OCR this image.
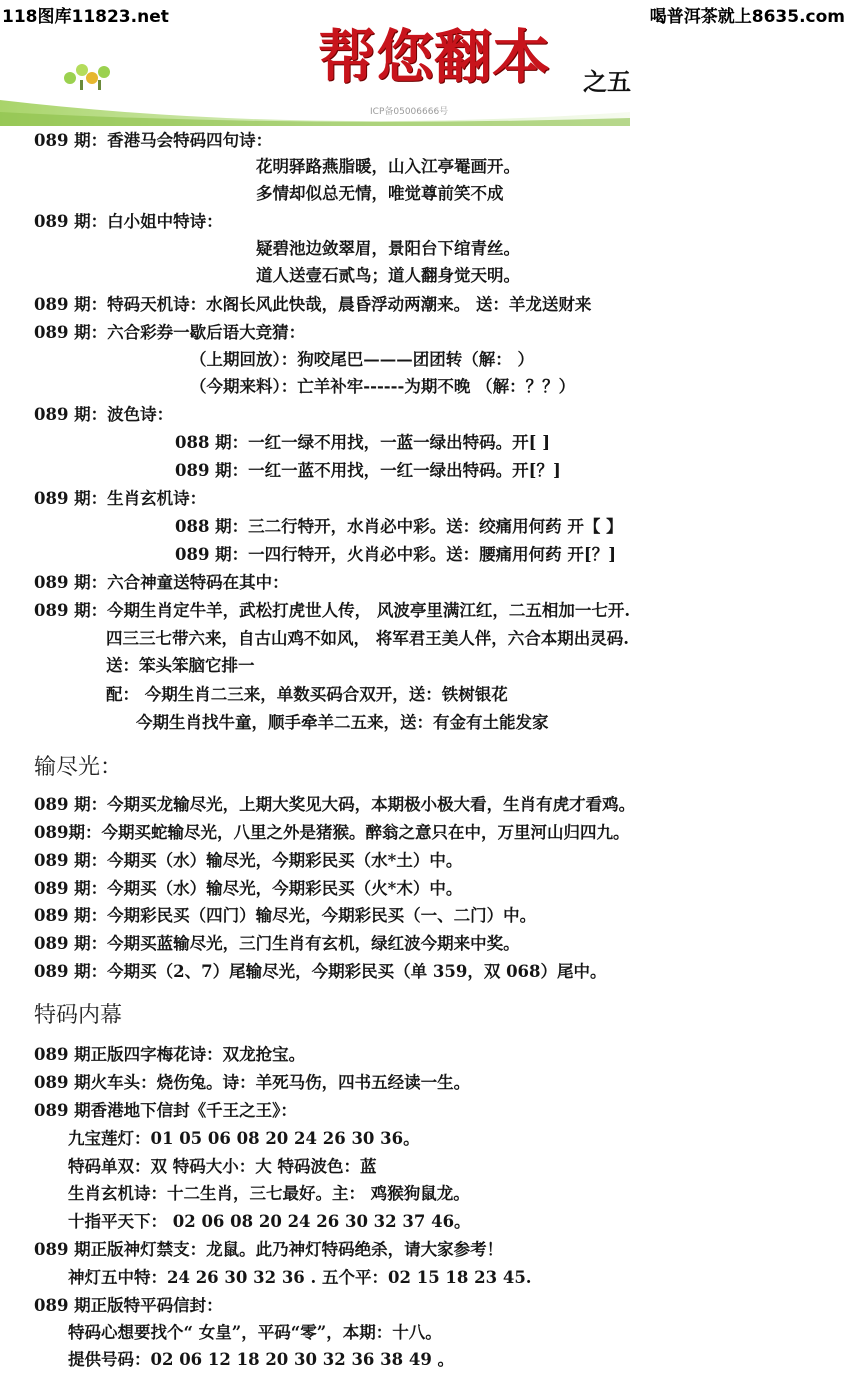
118图库11823.net	喝普洱茶就上8635.com
ICP备05006666号
帮您翻本 之五
089 期：香港马会特码四句诗：
花明驿路燕脂暖，山入江亭罨画开。
多情却似总无情，唯觉尊前笑不成
089 期：白小姐中特诗：
疑碧池边敛翠眉，景阳台下绾青丝。
道人送壹石贰鸟；道人翻身觉天明。
089 期：特码天机诗：水阁长风此快哉，晨昏浮动两潮来。 送：羊龙送财来
089 期：六合彩券一歇后语大竞猜：
（上期回放）：狗咬尾巴———团团转（解： ）
（今期来料）：亡羊补牢------为期不晚 （解：？？）
089 期：波色诗：
088 期：一红一绿不用找，一蓝一绿出特码。开[ ]
089 期：一红一蓝不用找，一红一绿出特码。开[？]
089 期：生肖玄机诗：
088 期：三二行特开，水肖必中彩。送：绞痛用何药 开【 】
089 期：一四行特开，火肖必中彩。送：腰痛用何药 开[？]
089 期：六合神童送特码在其中：
089 期：今期生肖定牛羊，武松打虎世人传， 风波亭里满江红，二五相加一七开.
四三三七带六来，自古山鸡不如风， 将军君王美人伴，六合本期出灵码.
送：笨头笨脑它排一
配： 今期生肖二三来，单数买码合双开，送：铁树银花
今期生肖找牛童，顺手牵羊二五来，送：有金有土能发家
输尽光：
089 期：今期买龙输尽光，上期大奖见大码，本期极小极大看，生肖有虎才看鸡。
089期：今期买蛇输尽光，八里之外是猪猴。醉翁之意只在中，万里河山归四九。
089 期：今期买（水）输尽光，今期彩民买（水*土）中。
089 期：今期买（水）输尽光，今期彩民买（火*木）中。
089 期：今期彩民买（四门）输尽光，今期彩民买（一、二门）中。
089 期：今期买蓝输尽光，三门生肖有玄机，绿红波今期来中奖。
089 期：今期买（2、7）尾输尽光，今期彩民买（单 359，双 068）尾中。
特码内幕
089 期正版四字梅花诗：双龙抢宝。
089 期火车头：烧伤兔。诗：羊死马伤，四书五经读一生。
089 期香港地下信封《千王之王》：
九宝莲灯：01 05 06 08 20 24 26 30 36。
特码单双：双 特码大小：大 特码波色：蓝
生肖玄机诗：十二生肖，三七最好。主： 鸡猴狗鼠龙。
十指平天下： 02 06 08 20 24 26 30 32 37 46。
089 期正版神灯禁支：龙鼠。此乃神灯特码绝杀，请大家参考！
神灯五中特：24 26 30 32 36 . 五个平：02 15 18 23 45.
089 期正版特平码信封：
特码心想要找个“ 女皇”，平码“零”，本期：十八。
提供号码：02 06 12 18 20 30 32 36 38 49 。
